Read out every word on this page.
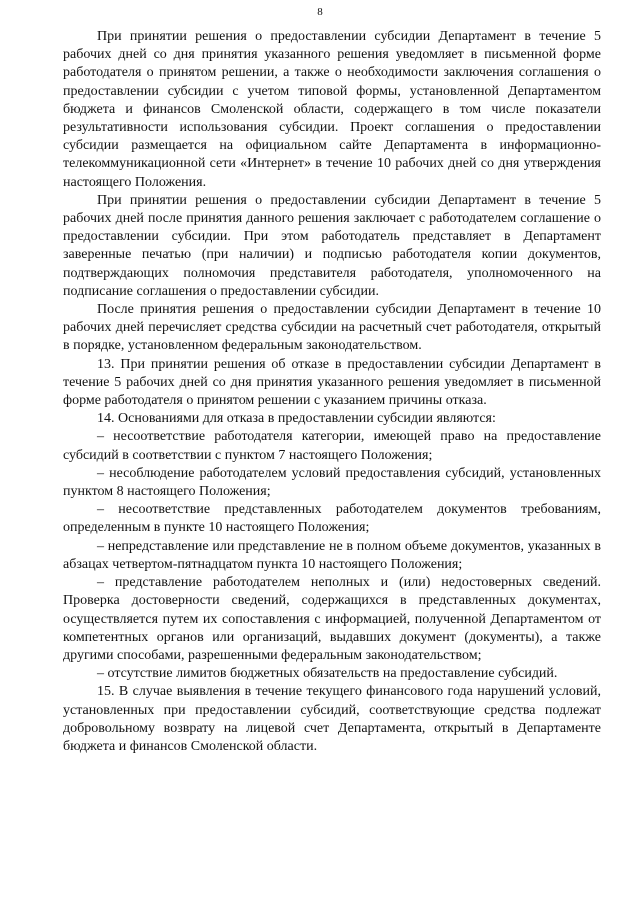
8

При принятии решения о предоставлении субсидии Департамент в течение 5 рабочих дней со дня принятия указанного решения уведомляет в письменной форме работодателя о принятом решении, а также о необходимости заключения соглашения о предоставлении субсидии с учетом типовой формы, установленной Департаментом бюджета и финансов Смоленской области, содержащего в том числе показатели результативности использования субсидии. Проект соглашения о предоставлении субсидии размещается на официальном сайте Департамента в информационно-телекоммуникационной сети «Интернет» в течение 10 рабочих дней со дня утверждения настоящего Положения.

При принятии решения о предоставлении субсидии Департамент в течение 5 рабочих дней после принятия данного решения заключает с работодателем соглашение о предоставлении субсидии. При этом работодатель представляет в Департамент заверенные печатью (при наличии) и подписью работодателя копии документов, подтверждающих полномочия представителя работодателя, уполномоченного на подписание соглашения о предоставлении субсидии.

После принятия решения о предоставлении субсидии Департамент в течение 10 рабочих дней перечисляет средства субсидии на расчетный счет работодателя, открытый в порядке, установленном федеральным законодательством.

13. При принятии решения об отказе в предоставлении субсидии Департамент в течение 5 рабочих дней со дня принятия указанного решения уведомляет в письменной форме работодателя о принятом решении с указанием причины отказа.

14. Основаниями для отказа в предоставлении субсидии являются:

– несоответствие работодателя категории, имеющей право на предоставление субсидий в соответствии с пунктом 7 настоящего Положения;

– несоблюдение работодателем условий предоставления субсидий, установленных пунктом 8 настоящего Положения;

– несоответствие представленных работодателем документов требованиям, определенным в пункте 10 настоящего Положения;

– непредставление или представление не в полном объеме документов, указанных в абзацах четвертом-пятнадцатом пункта 10 настоящего Положения;

– представление работодателем неполных и (или) недостоверных сведений. Проверка достоверности сведений, содержащихся в представленных документах, осуществляется путем их сопоставления с информацией, полученной Департаментом от компетентных органов или организаций, выдавших документ (документы), а также другими способами, разрешенными федеральным законодательством;

– отсутствие лимитов бюджетных обязательств на предоставление субсидий.

15. В случае выявления в течение текущего финансового года нарушений условий, установленных при предоставлении субсидий, соответствующие средства подлежат добровольному возврату на лицевой счет Департамента, открытый в Департаменте бюджета и финансов Смоленской области.
